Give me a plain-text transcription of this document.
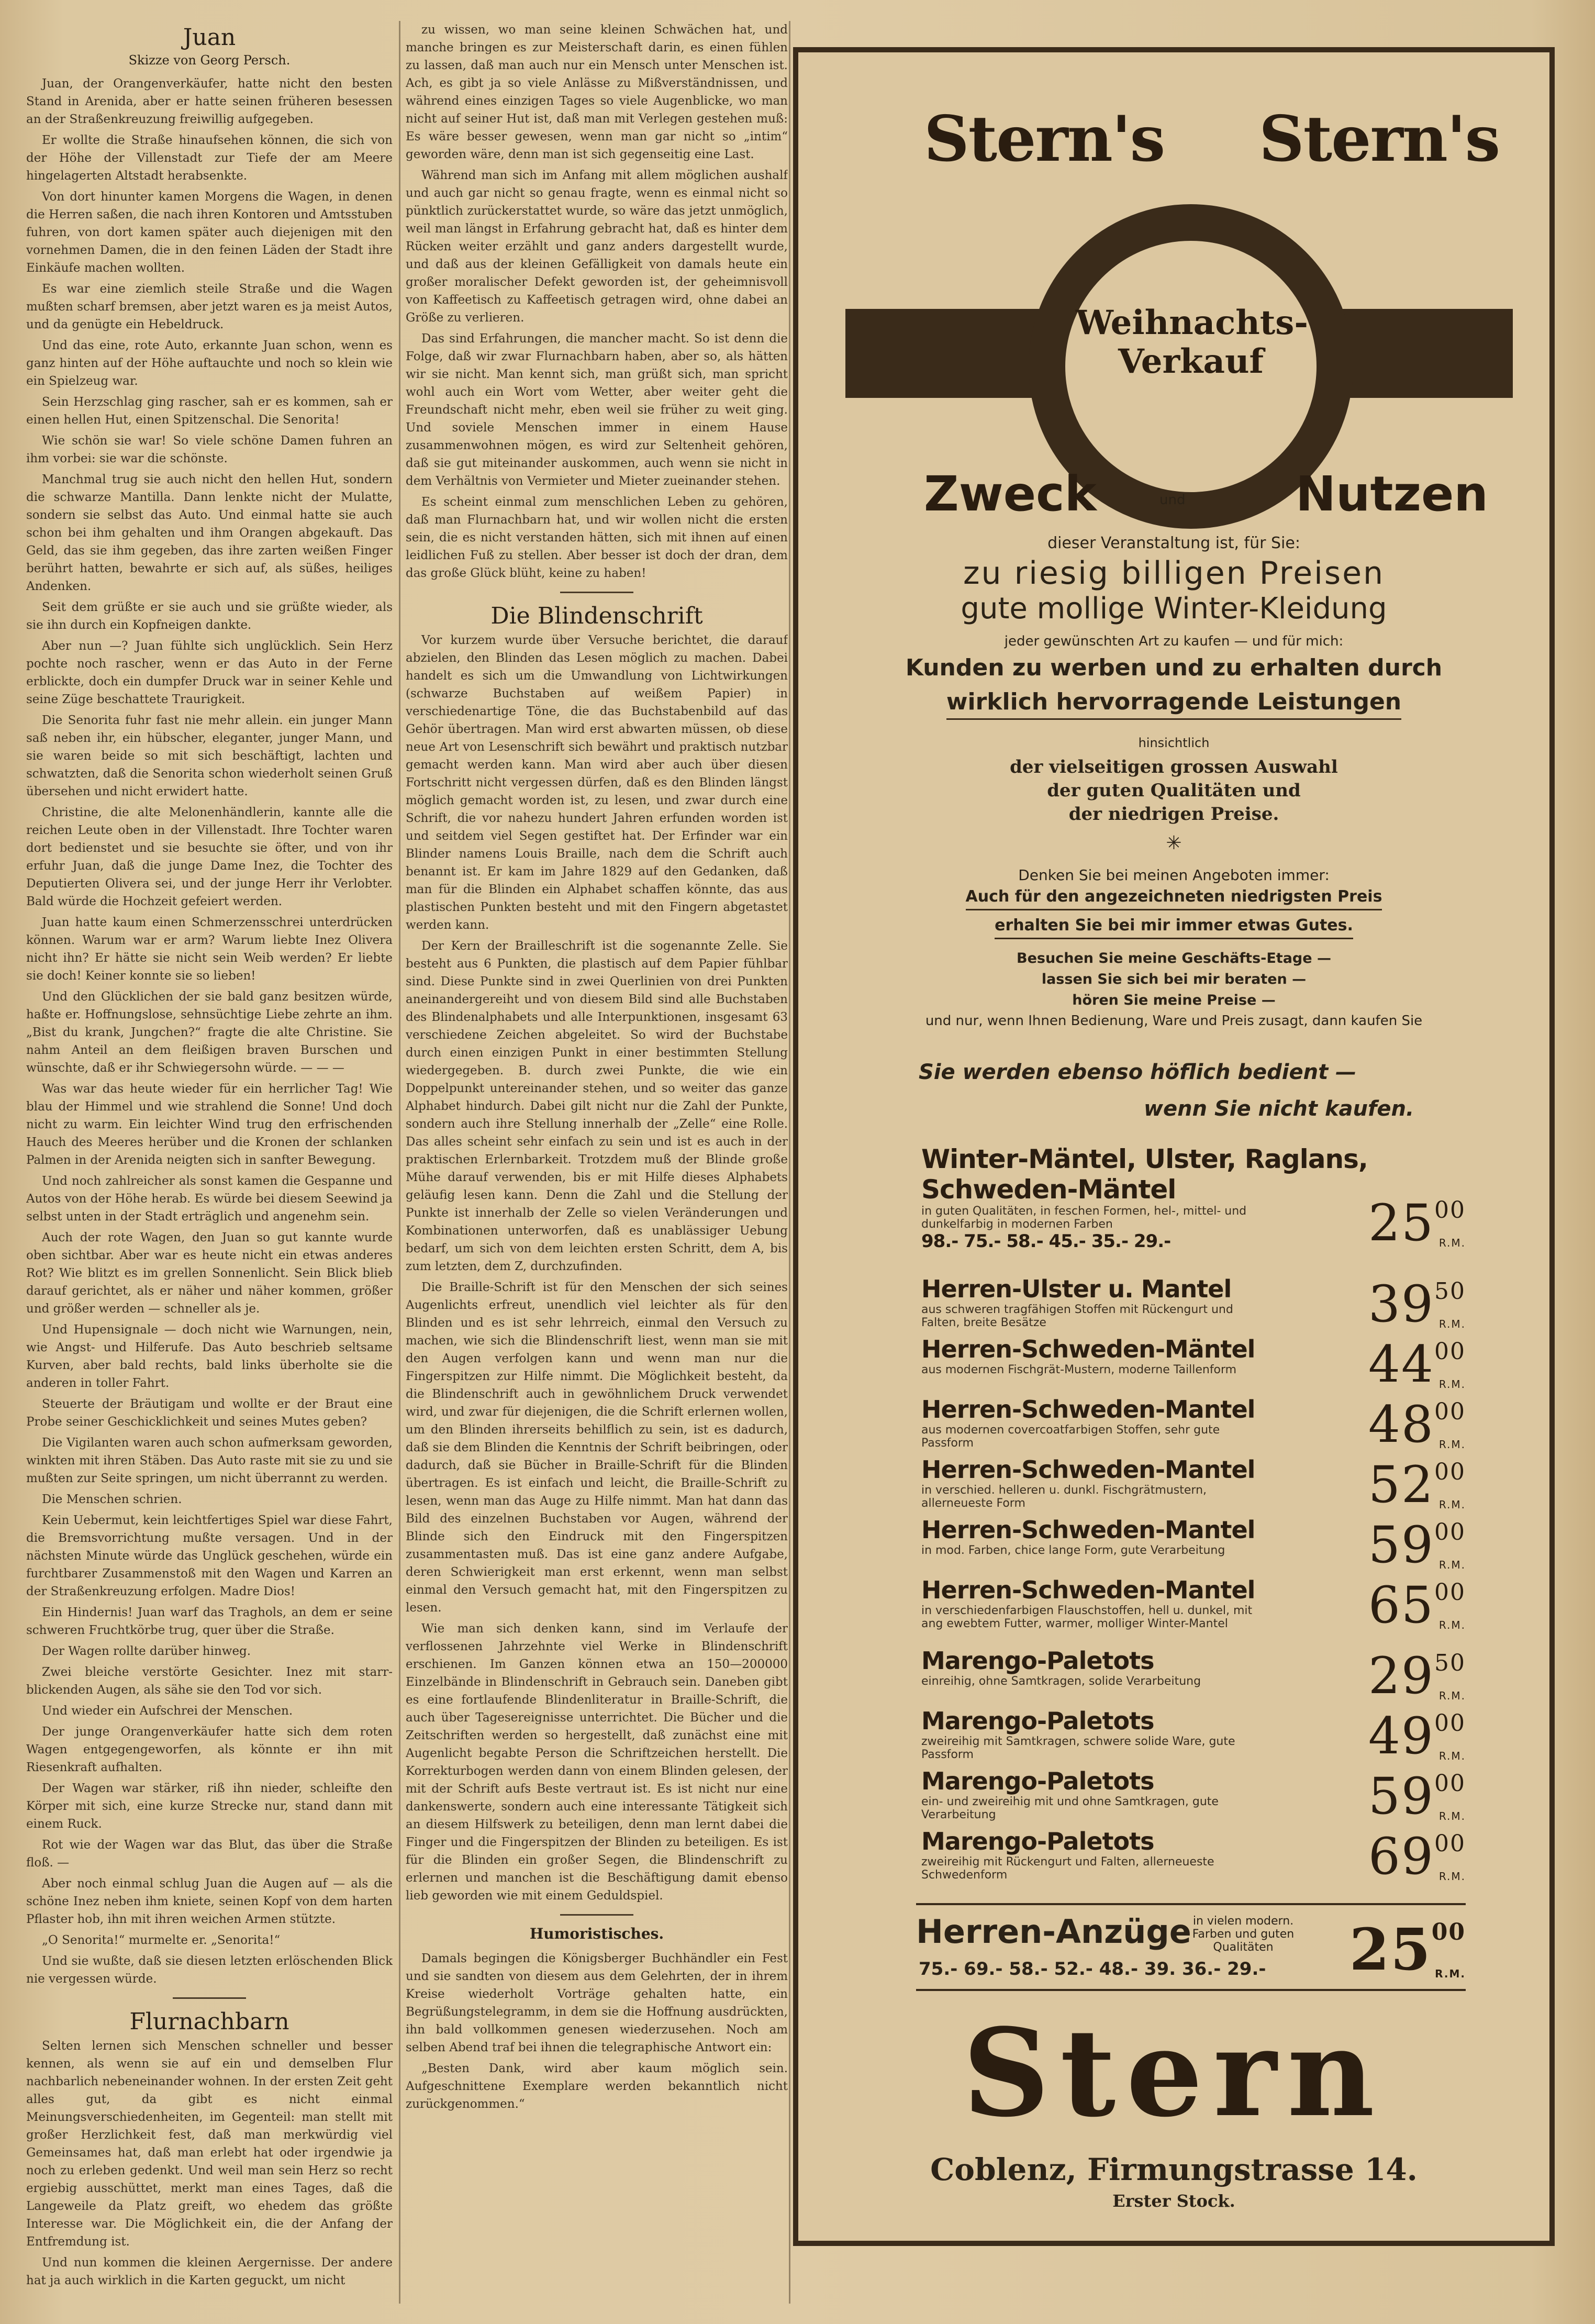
Juan
Skizze von Georg Persch.

Juan, der Orangenverkäufer, hatte nicht den besten Stand in Arenida, aber er hatte seinen früheren besessen an der Straßenkreuzung freiwillig aufgegeben.

Er wollte die Straße hinaufsehen können, die sich von der Höhe der Villenstadt zur Tiefe der am Meere hingelagerten Altstadt herabsenkte.

Von dort hinunter kamen Morgens die Wagen, in denen die Herren saßen, die nach ihren Kontoren und Amtsstuben fuhren, von dort kamen später auch diejenigen mit den vornehmen Damen, die in den feinen Läden der Stadt ihre Einkäufe machen wollten.

Es war eine ziemlich steile Straße und die Wagen mußten scharf bremsen, aber jetzt waren es ja meist Autos, und da genügte ein Hebeldruck.

Und das eine, rote Auto, erkannte Juan schon, wenn es ganz hinten auf der Höhe auftauchte und noch so klein wie ein Spielzeug war.

Sein Herzschlag ging rascher, sah er es kommen, sah er einen hellen Hut, einen Spitzenschal. Die Senorita!

Wie schön sie war! So viele schöne Damen fuhren an ihm vorbei: sie war die schönste.

Manchmal trug sie auch nicht den hellen Hut, sondern die schwarze Mantilla. Dann lenkte nicht der Mulatte, sondern sie selbst das Auto. Und einmal hatte sie auch schon bei ihm gehalten und ihm Orangen abgekauft. Das Geld, das sie ihm gegeben, das ihre zarten weißen Finger berührt hatten, bewahrte er sich auf, als süßes, heiliges Andenken.

Seit dem grüßte er sie auch und sie grüßte wieder, als sie ihn durch ein Kopfneigen dankte.

Aber nun —? Juan fühlte sich unglücklich. Sein Herz pochte noch rascher, wenn er das Auto in der Ferne erblickte, doch ein dumpfer Druck war in seiner Kehle und seine Züge beschattete Traurigkeit.

Die Senorita fuhr fast nie mehr allein. ein junger Mann saß neben ihr, ein hübscher, eleganter, junger Mann, und sie waren beide so mit sich beschäftigt, lachten und schwatzten, daß die Senorita schon wiederholt seinen Gruß übersehen und nicht erwidert hatte.

Christine, die alte Melonenhändlerin, kannte alle die reichen Leute oben in der Villenstadt. Ihre Tochter waren dort bedienstet und sie besuchte sie öfter, und von ihr erfuhr Juan, daß die junge Dame Inez, die Tochter des Deputierten Olivera sei, und der junge Herr ihr Verlobter. Bald würde die Hochzeit gefeiert werden.

Juan hatte kaum einen Schmerzensschrei unterdrücken können. Warum war er arm? Warum liebte Inez Olivera nicht ihn? Er hätte sie nicht sein Weib werden? Er liebte sie doch! Keiner konnte sie so lieben!

Und den Glücklichen der sie bald ganz besitzen würde, haßte er. Hoffnungslose, sehnsüchtige Liebe zehrte an ihm. „Bist du krank, Jungchen?“ fragte die alte Christine. Sie nahm Anteil an dem fleißigen braven Burschen und wünschte, daß er ihr Schwiegersohn würde. — — —

Was war das heute wieder für ein herrlicher Tag! Wie blau der Himmel und wie strahlend die Sonne! Und doch nicht zu warm. Ein leichter Wind trug den erfrischenden Hauch des Meeres herüber und die Kronen der schlanken Palmen in der Arenida neigten sich in sanfter Bewegung.

Und noch zahlreicher als sonst kamen die Gespanne und Autos von der Höhe herab. Es würde bei diesem Seewind ja selbst unten in der Stadt erträglich und angenehm sein.

Auch der rote Wagen, den Juan so gut kannte wurde oben sichtbar. Aber war es heute nicht ein etwas anderes Rot? Wie blitzt es im grellen Sonnenlicht. Sein Blick blieb darauf gerichtet, als er näher und näher kommen, größer und größer werden — schneller als je.

Und Hupensignale — doch nicht wie Warnungen, nein, wie Angst- und Hilferufe. Das Auto beschrieb seltsame Kurven, aber bald rechts, bald links überholte sie die anderen in toller Fahrt.

Steuerte der Bräutigam und wollte er der Braut eine Probe seiner Geschicklichkeit und seines Mutes geben?

Die Vigilanten waren auch schon aufmerksam geworden, winkten mit ihren Stäben. Das Auto raste mit sie zu und sie mußten zur Seite springen, um nicht überrannt zu werden.

Die Menschen schrien.

Kein Uebermut, kein leichtfertiges Spiel war diese Fahrt, die Bremsvorrichtung mußte versagen. Und in der nächsten Minute würde das Unglück geschehen, würde ein furchtbarer Zusammenstoß mit den Wagen und Karren an der Straßenkreuzung erfolgen. Madre Dios!

Ein Hindernis! Juan warf das Traghols, an dem er seine schweren Fruchtkörbe trug, quer über die Straße.

Der Wagen rollte darüber hinweg.

Zwei bleiche verstörte Gesichter. Inez mit starr-blickenden Augen, als sähe sie den Tod vor sich.

Und wieder ein Aufschrei der Menschen.

Der junge Orangenverkäufer hatte sich dem roten Wagen entgegengeworfen, als könnte er ihn mit Riesenkraft aufhalten.

Der Wagen war stärker, riß ihn nieder, schleifte den Körper mit sich, eine kurze Strecke nur, stand dann mit einem Ruck.

Rot wie der Wagen war das Blut, das über die Straße floß. —

Aber noch einmal schlug Juan die Augen auf — als die schöne Inez neben ihm kniete, seinen Kopf von dem harten Pflaster hob, ihn mit ihren weichen Armen stützte.

„O Senorita!“ murmelte er. „Senorita!“

Und sie wußte, daß sie diesen letzten erlöschenden Blick nie vergessen würde.

Flurnachbarn

Selten lernen sich Menschen schneller und besser kennen, als wenn sie auf ein und demselben Flur nachbarlich nebeneinander wohnen. In der ersten Zeit geht alles gut, da gibt es nicht einmal Meinungsverschiedenheiten, im Gegenteil: man stellt mit großer Herzlichkeit fest, daß man merkwürdig viel Gemeinsames hat, daß man erlebt hat oder irgendwie ja noch zu erleben gedenkt. Und weil man sein Herz so recht ergiebig ausschüttet, merkt man eines Tages, daß die Langeweile da Platz greift, wo ehedem das größte Interesse war. Die Möglichkeit ein, die der Anfang der Entfremdung ist.

Und nun kommen die kleinen Aergernisse. Der andere hat ja auch wirklich in die Karten geguckt, um nicht

zu wissen, wo man seine kleinen Schwächen hat, und manche bringen es zur Meisterschaft darin, es einen fühlen zu lassen, daß man auch nur ein Mensch unter Menschen ist. Ach, es gibt ja so viele Anlässe zu Mißverständnissen, und während eines einzigen Tages so viele Augenblicke, wo man nicht auf seiner Hut ist, daß man mit Verlegen gestehen muß: Es wäre besser gewesen, wenn man gar nicht so „intim“ geworden wäre, denn man ist sich gegenseitig eine Last.

Während man sich im Anfang mit allem möglichen aushalf und auch gar nicht so genau fragte, wenn es einmal nicht so pünktlich zurückerstattet wurde, so wäre das jetzt unmöglich, weil man längst in Erfahrung gebracht hat, daß es hinter dem Rücken weiter erzählt und ganz anders dargestellt wurde, und daß aus der kleinen Gefälligkeit von damals heute ein großer moralischer Defekt geworden ist, der geheimnisvoll von Kaffeetisch zu Kaffeetisch getragen wird, ohne dabei an Größe zu verlieren.

Das sind Erfahrungen, die mancher macht. So ist denn die Folge, daß wir zwar Flurnachbarn haben, aber so, als hätten wir sie nicht. Man kennt sich, man grüßt sich, man spricht wohl auch ein Wort vom Wetter, aber weiter geht die Freundschaft nicht mehr, eben weil sie früher zu weit ging. Und soviele Menschen immer in einem Hause zusammenwohnen mögen, es wird zur Seltenheit gehören, daß sie gut miteinander auskommen, auch wenn sie nicht in dem Verhältnis von Vermieter und Mieter zueinander stehen.

Es scheint einmal zum menschlichen Leben zu gehören, daß man Flurnachbarn hat, und wir wollen nicht die ersten sein, die es nicht verstanden hätten, sich mit ihnen auf einen leidlichen Fuß zu stellen. Aber besser ist doch der dran, dem das große Glück blüht, keine zu haben!

Die Blindenschrift

Vor kurzem wurde über Versuche berichtet, die darauf abzielen, den Blinden das Lesen möglich zu machen. Dabei handelt es sich um die Umwandlung von Lichtwirkungen (schwarze Buchstaben auf weißem Papier) in verschiedenartige Töne, die das Buchstabenbild auf das Gehör übertragen. Man wird erst abwarten müssen, ob diese neue Art von Lesenschrift sich bewährt und praktisch nutzbar gemacht werden kann. Man wird aber auch über diesen Fortschritt nicht vergessen dürfen, daß es den Blinden längst möglich gemacht worden ist, zu lesen, und zwar durch eine Schrift, die vor nahezu hundert Jahren erfunden worden ist und seitdem viel Segen gestiftet hat. Der Erfinder war ein Blinder namens Louis Braille, nach dem die Schrift auch benannt ist. Er kam im Jahre 1829 auf den Gedanken, daß man für die Blinden ein Alphabet schaffen könnte, das aus plastischen Punkten besteht und mit den Fingern abgetastet werden kann.

Der Kern der Brailleschrift ist die sogenannte Zelle. Sie besteht aus 6 Punkten, die plastisch auf dem Papier fühlbar sind. Diese Punkte sind in zwei Querlinien von drei Punkten aneinandergereiht und von diesem Bild sind alle Buchstaben des Blindenalphabets und alle Interpunktionen, insgesamt 63 verschiedene Zeichen abgeleitet. So wird der Buchstabe durch einen einzigen Punkt in einer bestimmten Stellung wiedergegeben. B. durch zwei Punkte, die wie ein Doppelpunkt untereinander stehen, und so weiter das ganze Alphabet hindurch. Dabei gilt nicht nur die Zahl der Punkte, sondern auch ihre Stellung innerhalb der „Zelle“ eine Rolle. Das alles scheint sehr einfach zu sein und ist es auch in der praktischen Erlernbarkeit. Trotzdem muß der Blinde große Mühe darauf verwenden, bis er mit Hilfe dieses Alphabets geläufig lesen kann. Denn die Zahl und die Stellung der Punkte ist innerhalb der Zelle so vielen Veränderungen und Kombinationen unterworfen, daß es unablässiger Uebung bedarf, um sich von dem leichten ersten Schritt, dem A, bis zum letzten, dem Z, durchzufinden.

Die Braille-Schrift ist für den Menschen der sich seines Augenlichts erfreut, unendlich viel leichter als für den Blinden und es ist sehr lehrreich, einmal den Versuch zu machen, wie sich die Blindenschrift liest, wenn man sie mit den Augen verfolgen kann und wenn man nur die Fingerspitzen zur Hilfe nimmt. Die Möglichkeit besteht, da die Blindenschrift auch in gewöhnlichem Druck verwendet wird, und zwar für diejenigen, die die Schrift erlernen wollen, um den Blinden ihrerseits behilflich zu sein, ist es dadurch, daß sie dem Blinden die Kenntnis der Schrift beibringen, oder dadurch, daß sie Bücher in Braille-Schrift für die Blinden übertragen. Es ist einfach und leicht, die Braille-Schrift zu lesen, wenn man das Auge zu Hilfe nimmt. Man hat dann das Bild des einzelnen Buchstaben vor Augen, während der Blinde sich den Eindruck mit den Fingerspitzen zusammentasten muß. Das ist eine ganz andere Aufgabe, deren Schwierigkeit man erst erkennt, wenn man selbst einmal den Versuch gemacht hat, mit den Fingerspitzen zu lesen.

Wie man sich denken kann, sind im Verlaufe der verflossenen Jahrzehnte viel Werke in Blindenschrift erschienen. Im Ganzen können etwa an 150—200000 Einzelbände in Blindenschrift in Gebrauch sein. Daneben gibt es eine fortlaufende Blindenliteratur in Braille-Schrift, die auch über Tagesereignisse unterrichtet. Die Bücher und die Zeitschriften werden so hergestellt, daß zunächst eine mit Augenlicht begabte Person die Schriftzeichen herstellt. Die Korrekturbogen werden dann von einem Blinden gelesen, der mit der Schrift aufs Beste vertraut ist. Es ist nicht nur eine dankenswerte, sondern auch eine interessante Tätigkeit sich an diesem Hilfswerk zu beteiligen, denn man lernt dabei die Finger und die Fingerspitzen der Blinden zu beteiligen. Es ist für die Blinden ein großer Segen, die Blindenschrift zu erlernen und manchen ist die Beschäftigung damit ebenso lieb geworden wie mit einem Geduldspiel.

Humoristisches.

Damals begingen die Königsberger Buchhändler ein Fest und sie sandten von diesem aus dem Gelehrten, der in ihrem Kreise wiederholt Vorträge gehalten hatte, ein Begrüßungstelegramm, in dem sie die Hoffnung ausdrückten, ihn bald vollkommen genesen wiederzusehen. Noch am selben Abend traf bei ihnen die telegraphische Antwort ein:

„Besten Dank, wird aber kaum möglich sein. Aufgeschnittene Exemplare werden bekanntlich nicht zurückgenommen.“

Stern's Stern's
Weihnachts-
Verkauf
Zweck	und Nutzen
dieser Veranstaltung ist, für Sie:
zu riesig billigen Preisen
gute mollige Winter-Kleidung
jeder gewünschten Art zu kaufen — und für mich:
Kunden zu werben und zu erhalten durch
wirklich hervorragende Leistungen
hinsichtlich
der vielseitigen grossen Auswahl
der guten Qualitäten und
der niedrigen Preise.
✳
Denken Sie bei meinen Angeboten immer:
Auch für den angezeichneten niedrigsten Preis
erhalten Sie bei mir immer etwas Gutes.
Besuchen Sie meine Geschäfts-Etage —
lassen Sie sich bei mir beraten —
hören Sie meine Preise —
und nur, wenn Ihnen Bedienung, Ware und Preis zusagt, dann kaufen Sie
Sie werden ebenso höflich bedient —
wenn Sie nicht kaufen.
Winter-Mäntel, Ulster, Raglans,
Schweden-Mäntel
in guten Qualitäten, in feschen Formen, hel-, mittel- und dunkelfarbig in modernen Farben
98.- 75.- 58.- 45.- 35.- 29.-	$25^{00}$
R.M.
Herren-Ulster u. Mantel
aus schweren tragfähigen Stoffen mit Rückengurt und Falten, breite Besätze	$39^{50}$
R.M.
Herren-Schweden-Mäntel
aus modernen Fischgrät-Mustern, moderne Taillenform	$44^{00}$
R.M.
Herren-Schweden-Mantel
aus modernen covercoatfarbigen Stoffen, sehr gute Passform	$48^{00}$
R.M.
Herren-Schweden-Mantel
in verschied. helleren u. dunkl. Fischgrätmustern, allerneueste Form	$52^{00}$
R.M.
Herren-Schweden-Mantel
in mod. Farben, chice lange Form, gute Verarbeitung	$59^{00}$
R.M.
Herren-Schweden-Mantel
in verschiedenfarbigen Flauschstoffen, hell u. dunkel, mit ang ewebtem Futter, warmer, molliger Winter-Mantel	$65^{00}$
R.M.
Marengo-Paletots
einreihig, ohne Samtkragen, solide Verarbeitung	$29^{50}$
R.M.
Marengo-Paletots
zweireihig mit Samtkragen, schwere solide Ware, gute Passform	$49^{00}$
R.M.
Marengo-Paletots
ein- und zweireihig mit und ohne Samtkragen, gute Verarbeitung	$59^{00}$
R.M.
Marengo-Paletots
zweireihig mit Rückengurt und Falten, allerneueste Schwedenform	$69^{00}$
R.M.
Herren-Anzüge in vielen modern. Farben und guten Qualitäten
75.- 69.- 58.- 52.- 48.- 39. 36.- 29.- $25^{00}$
R.M.
Stern
Coblenz, Firmungstrasse 14.
Erster Stock.
